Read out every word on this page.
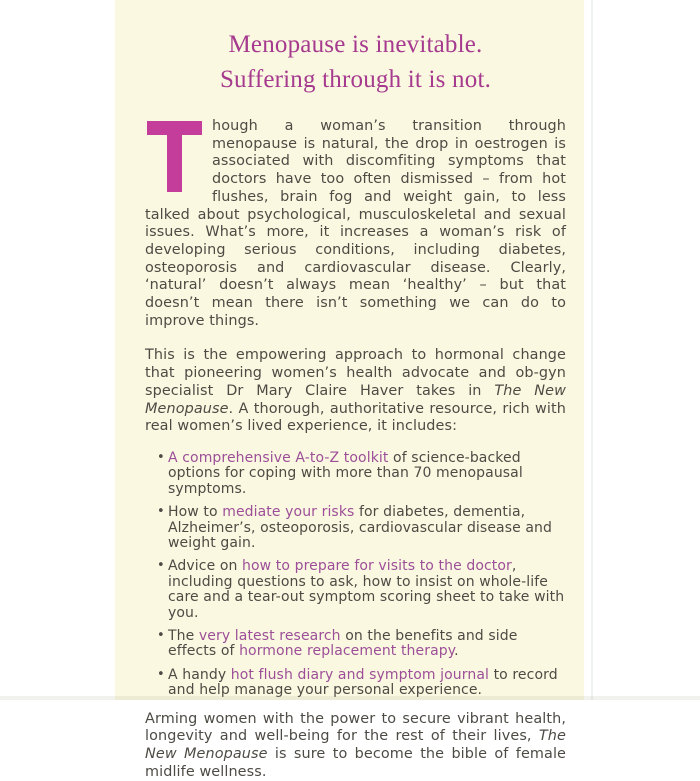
Menopause is inevitable.
Suffering through it is not.

hough a woman’s transition through menopause is natural, the drop in oestrogen is associated with discomfiting symptoms that doctors have too often dismissed – from hot flushes, brain fog and weight gain, to less talked about psychological, musculoskeletal and sexual issues. What’s more, it increases a woman’s risk of developing serious conditions, including diabetes, osteoporosis and cardiovascular disease. Clearly, ‘natural’ doesn’t always mean ‘healthy’ – but that doesn’t mean there isn’t something we can do to improve things.

This is the empowering approach to hormonal change that pioneering women’s health advocate and ob-gyn specialist Dr Mary Claire Haver takes in The New Menopause. A thorough, authoritative resource, rich with real women’s lived experience, it includes:

• A comprehensive A-to-Z toolkit of science-backed options for coping with more than 70 menopausal symptoms.
• How to mediate your risks for diabetes, dementia, Alzheimer’s, osteoporosis, cardiovascular disease and weight gain.
• Advice on how to prepare for visits to the doctor, including questions to ask, how to insist on whole-life care and a tear-out symptom scoring sheet to take with you.
• The very latest research on the benefits and side effects of hormone replacement therapy.
• A handy hot flush diary and symptom journal to record and help manage your personal experience.

Arming women with the power to secure vibrant health, longevity and well-being for the rest of their lives, The New Menopause is sure to become the bible of female midlife wellness.
